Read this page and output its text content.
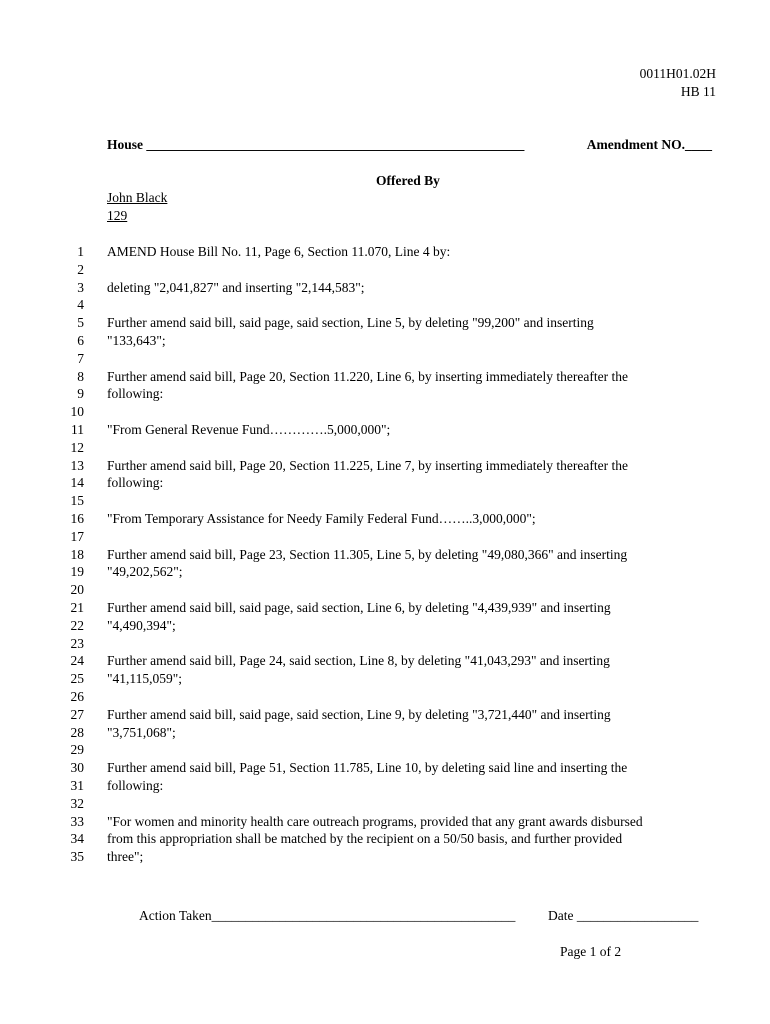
0011H01.02H
HB 11
House ________________________________________________________	Amendment NO.____
Offered By
John Black
129
1 AMEND House Bill No. 11, Page 6, Section 11.070, Line 4 by:
2
3 deleting "2,041,827" and inserting "2,144,583";
4
5 Further amend said bill, said page, said section, Line 5, by deleting "99,200" and inserting
6 "133,643";
7
8 Further amend said bill, Page 20, Section 11.220, Line 6, by inserting immediately thereafter the
9 following:
10
11 "From General Revenue Fund………….5,000,000";
12
13 Further amend said bill, Page 20, Section 11.225, Line 7, by inserting immediately thereafter the
14 following:
15
16 "From Temporary Assistance for Needy Family Federal Fund……..3,000,000";
17
18 Further amend said bill, Page 23, Section 11.305, Line 5, by deleting "49,080,366" and inserting
19 "49,202,562";
20
21 Further amend said bill, said page, said section, Line 6, by deleting "4,439,939" and inserting
22 "4,490,394";
23
24 Further amend said bill, Page 24, said section, Line 8, by deleting "41,043,293" and inserting
25 "41,115,059";
26
27 Further amend said bill, said page, said section, Line 9, by deleting "3,721,440" and inserting
28 "3,751,068";
29
30 Further amend said bill, Page 51, Section 11.785, Line 10, by deleting said line and inserting the
31 following:
32
33 "For women and minority health care outreach programs, provided that any grant awards disbursed
34 from this appropriation shall be matched by the recipient on a 50/50 basis, and further provided
35 three";
Action Taken_____________________________________________ Date __________________
Page 1 of 2
